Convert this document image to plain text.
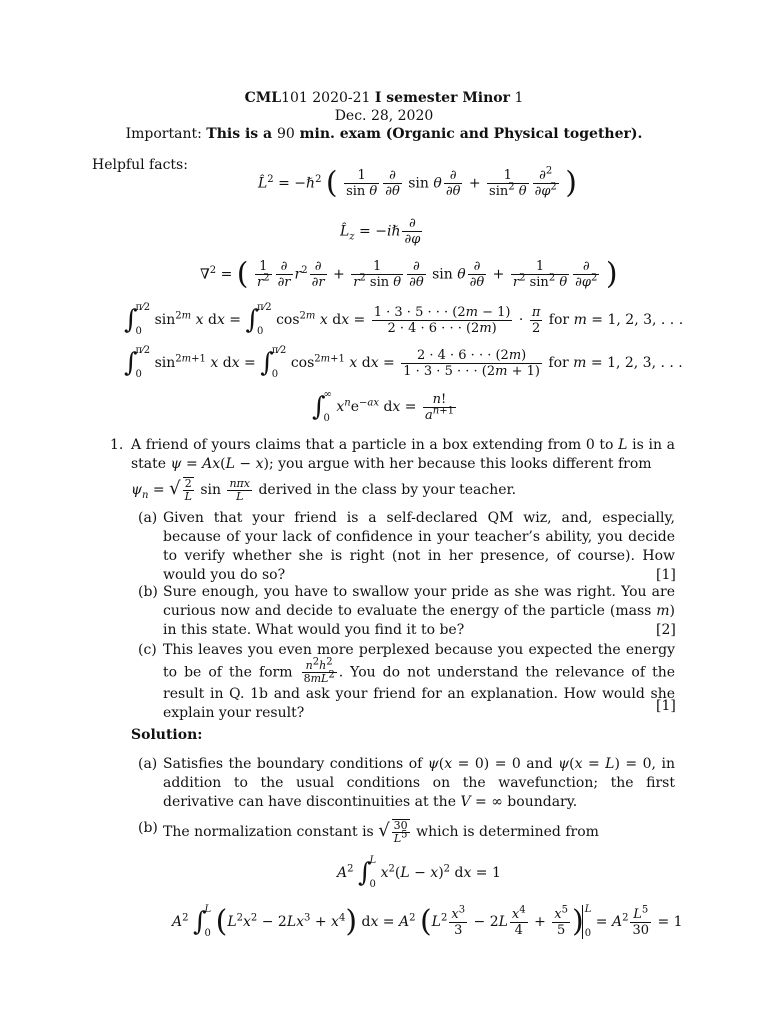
CML101 2020-21 I semester Minor 1
Dec. 28, 2020
Important: This is a 90 min. exam (Organic and Physical together).
Helpful facts:
L̂$^2$ = −ℏ$^2$ ( $\frac{1}{\text{sin θ}} \frac{\partial}{\partial\theta}$ sin θ $\frac{\partial}{\partial\theta} + \frac{1}{\sin^2 \theta} \frac{\partial^2}{\partial\varphi^2}$ )
$L̂_z$ = −iℏ $\frac{\partial}{\partial\varphi}$
∇$^2$ = ( $\frac{1}{r^2} \frac{\partial}{\partial r} r^2 \frac{\partial}{\partial r} + \frac{1}{r^2 \sin \theta} \frac{\partial}{\partial\theta}$ sin θ $\frac{\partial}{\partial\theta} + \frac{1}{r^2 \sin^2 \theta} \frac{\partial}{\partial\varphi^2}$ )
∫
π⁄2
0
$\sin^{2m} x$ dx = ∫
π⁄2
0
$\cos^{2m} x$ dx = $\frac{1 \cdot 3 \cdot 5 \cdot \cdot \cdot (2m - 1)}{2 \cdot 4 \cdot 6 \cdot \cdot \cdot (2m)} \cdot \frac{\pi}{2}$ for m = 1, 2, 3, . . .
∫
π⁄2
0
$\sin^{2m+1} x$ dx = ∫
π⁄2
0
$\cos^{2m+1} x$ dx = $\frac{2 \cdot 4 \cdot 6 \cdot \cdot \cdot (2m)}{1 \cdot 3 \cdot 5 \cdot \cdot \cdot (2m + 1)}$ for m = 1, 2, 3, . . .
∫
∞
0
$x^ne^{-ax}$ dx = $\frac{n!}{a^{n+1}}$
1. A friend of yours claims that a particle in a box extending from 0 to L is in a state ψ = Ax(L − x); you argue with her because this looks different from
$\psi_n$ = √ $\frac{2}{L}$ $\sin \frac{\text{nπx}}{L}$ derived in the class by your teacher.
(a) Given that your friend is a self-declared QM wiz, and, especially, because of your lack of confidence in your teacher’s ability, you decide to verify whether she is right (not in her presence, of course). How would you do so?	[1]
(b) Sure enough, you have to swallow your pride as she was right. You are curious now and decide to evaluate the energy of the particle (mass m) in this state. What would you find it to be?	[2]
(c) This leaves you even more perplexed because you expected the energy to be of the form $\frac{n^2h^2}{8mL^2}$ . You do not understand the relevance of the result in Q. 1b and ask your friend for an explanation. How would she explain your result?	[1]
Solution:
(a) Satisfies the boundary conditions of ψ(x = 0) = 0 and ψ(x = L) = 0, in addition to the usual conditions on the wavefunction; the first derivative can have discontinuities at the V = ∞ boundary.
(b) The normalization constant is √ $\frac{30}{L^5}$ which is determined from
$A^2$ ∫
L
0
$x^2(L - x)^2$ dx = 1
$A^2$ ∫
L
0 $(L^2x^2 - 2Lx^3 + x^4)$ dx = $A^2$ ($L^2 \frac{x^3}{3} - 2L \frac{x^4}{4} + \frac{x^5}{5}$ ) L
0
= $A^2 \frac{L^5}{30} = 1$
